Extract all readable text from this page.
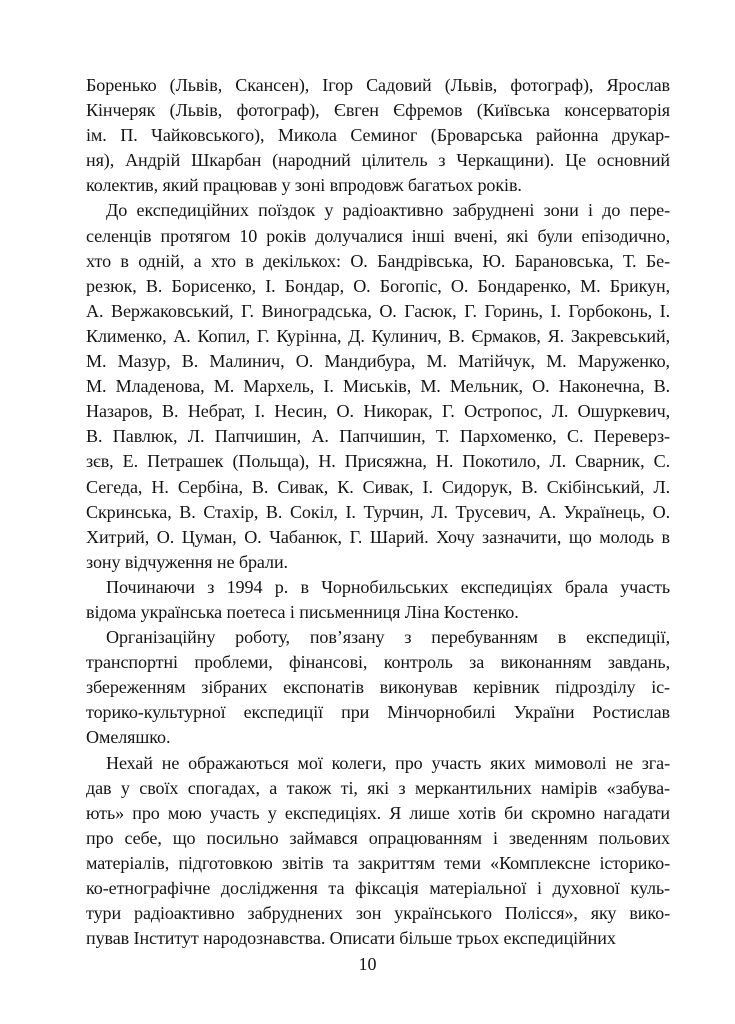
Боренько (Львів, Скансен), Ігор Садовий (Львів, фотограф), Ярослав
Кінчеряк (Львів, фотограф), Євген Єфремов (Київська консерваторія
ім. П. Чайковського), Микола Семиног (Броварська районна друкар-
ня), Андрій Шкарбан (народний цілитель з Черкащини). Це основний
колектив, який працював у зоні впродовж багатьох років.
До експедиційних поїздок у радіоактивно забруднені зони і до пере-
селенців протягом 10 років долучалися інші вчені, які були епізодично,
хто в одній, а хто в декількох: О. Бандрівська, Ю. Барановська, Т. Бе-
резюк, В. Борисенко, І. Бондар, О. Богопіс, О. Бондаренко, М. Брикун,
А. Вержаковський, Г. Виноградська, О. Гасюк, Г. Горинь, І. Горбоконь, І.
Клименко, А. Копил, Г. Курінна, Д. Кулинич, В. Єрмаков, Я. Закревський,
М. Мазур, В. Малинич, О. Мандибура, М. Матійчук, М. Маруженко,
М. Младенова, М. Мархель, І. Миськів, М. Мельник, О. Наконечна, В.
Назаров, В. Небрат, І. Несин, О. Никорак, Г. Остропос, Л. Ошуркевич,
В. Павлюк, Л. Папчишин, А. Папчишин, Т. Пархоменко, С. Переверз-
зєв, Е. Петрашек (Польща), Н. Присяжна, Н. Покотило, Л. Сварник, С.
Сегеда, Н. Сербіна, В. Сивак, К. Сивак, І. Сидорук, В. Скібінський, Л.
Скринська, В. Стахір, В. Сокіл, І. Турчин, Л. Трусевич, А. Українець, О.
Хитрий, О. Цуман, О. Чабанюк, Г. Шарий. Хочу зазначити, що молодь в
зону відчуження не брали.
Починаючи з 1994 р. в Чорнобильських експедиціях брала участь
відома українська поетеса і письменниця Ліна Костенко.
Організаційну роботу, пов’язану з перебуванням в експедиції,
транспортні проблеми, фінансові, контроль за виконанням завдань,
збереженням зібраних експонатів виконував керівник підрозділу іс-
торико-культурної експедиції при Мінчорнобилі України Ростислав
Омеляшко.
Нехай не ображаються мої колеги, про участь яких мимоволі не зга-
дав у своїх спогадах, а також ті, які з меркантильних намірів «забува-
ють» про мою участь у експедиціях. Я лише хотів би скромно нагадати
про себе, що посильно займався опрацюванням і зведенням польових
матеріалів, підготовкою звітів та закриттям теми «Комплексне історико-
ко-етнографічне дослідження та фіксація матеріальної і духовної куль-
тури радіоактивно забруднених зон українського Полісся», яку вико-
пував Інститут народознавства. Описати більше трьох експедиційних
10
